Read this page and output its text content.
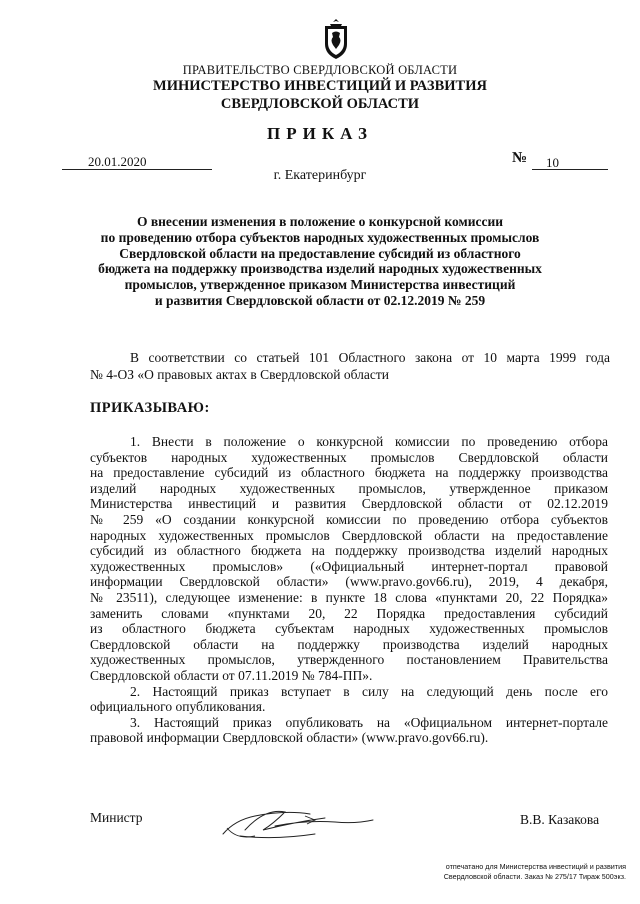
ПРАВИТЕЛЬСТВО СВЕРДЛОВСКОЙ ОБЛАСТИ
МИНИСТЕРСТВО ИНВЕСТИЦИЙ И РАЗВИТИЯ
СВЕРДЛОВСКОЙ ОБЛАСТИ
ПРИКАЗ
20.01.2020	№	10
г. Екатеринбург
О внесении изменения в положение о конкурсной комиссии
по проведению отбора субъектов народных художественных промыслов
Свердловской области на предоставление субсидий из областного
бюджета на поддержку производства изделий народных художественных
промыслов, утвержденное приказом Министерства инвестиций
и развития Свердловской области от 02.12.2019 № 259
В соответствии со статьей 101 Областного закона от 10 марта 1999 года
№ 4-ОЗ «О правовых актах в Свердловской области
ПРИКАЗЫВАЮ:
1. Внести в положение о конкурсной комиссии по проведению отбора
субъектов народных художественных промыслов Свердловской области
на предоставление субсидий из областного бюджета на поддержку производства
изделий народных художественных промыслов, утвержденное приказом
Министерства инвестиций и развития Свердловской области от 02.12.2019
№ 259 «О создании конкурсной комиссии по проведению отбора субъектов
народных художественных промыслов Свердловской области на предоставление
субсидий из областного бюджета на поддержку производства изделий народных
художественных промыслов» («Официальный интернет-портал правовой
информации Свердловской области» (www.pravo.gov66.ru), 2019, 4 декабря,
№ 23511), следующее изменение: в пункте 18 слова «пунктами 20, 22 Порядка»
заменить словами «пунктами 20, 22 Порядка предоставления субсидий
из областного бюджета субъектам народных художественных промыслов
Свердловской области на поддержку производства изделий народных
художественных промыслов, утвержденного постановлением Правительства
Свердловской области от 07.11.2019 № 784-ПП».
2. Настоящий приказ вступает в силу на следующий день после его
официального опубликования.
3. Настоящий приказ опубликовать на «Официальном интернет-портале
правовой информации Свердловской области» (www.pravo.gov66.ru).
Министр	В.В. Казакова
отпечатано для Министерства инвестиций и развития
Свердловской области. Заказ № 275/17 Тираж 500экз.
